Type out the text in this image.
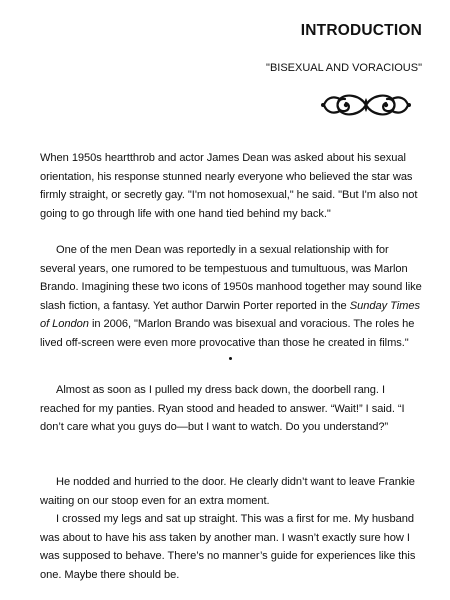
INTRODUCTION
"BISEXUAL AND VORACIOUS"

When 1950s heartthrob and actor James Dean was asked about his sexual
orientation, his response stunned nearly everyone who believed the star was
firmly straight, or secretly gay. "I'm not homosexual," he said. "But I'm also not
going to go through life with one hand tied behind my back."

One of the men Dean was reportedly in a sexual relationship with for
several years, one rumored to be tempestuous and tumultuous, was Marlon
Brando. Imagining these two icons of 1950s manhood together may sound like
slash fiction, a fantasy. Yet author Darwin Porter reported in the Sunday Times
of London in 2006, "Marlon Brando was bisexual and voracious. The roles he
lived off-screen were even more provocative than those he created in films."

Almost as soon as I pulled my dress back down, the doorbell rang. I
reached for my panties. Ryan stood and headed to answer. “Wait!” I said. “I
don’t care what you guys do—but I want to watch. Do you understand?”

He nodded and hurried to the door. He clearly didn’t want to leave Frankie
waiting on our stoop even for an extra moment.

I crossed my legs and sat up straight. This was a first for me. My husband
was about to have his ass taken by another man. I wasn’t exactly sure how I
was supposed to behave. There’s no manner’s guide for experiences like this
one. Maybe there should be.
